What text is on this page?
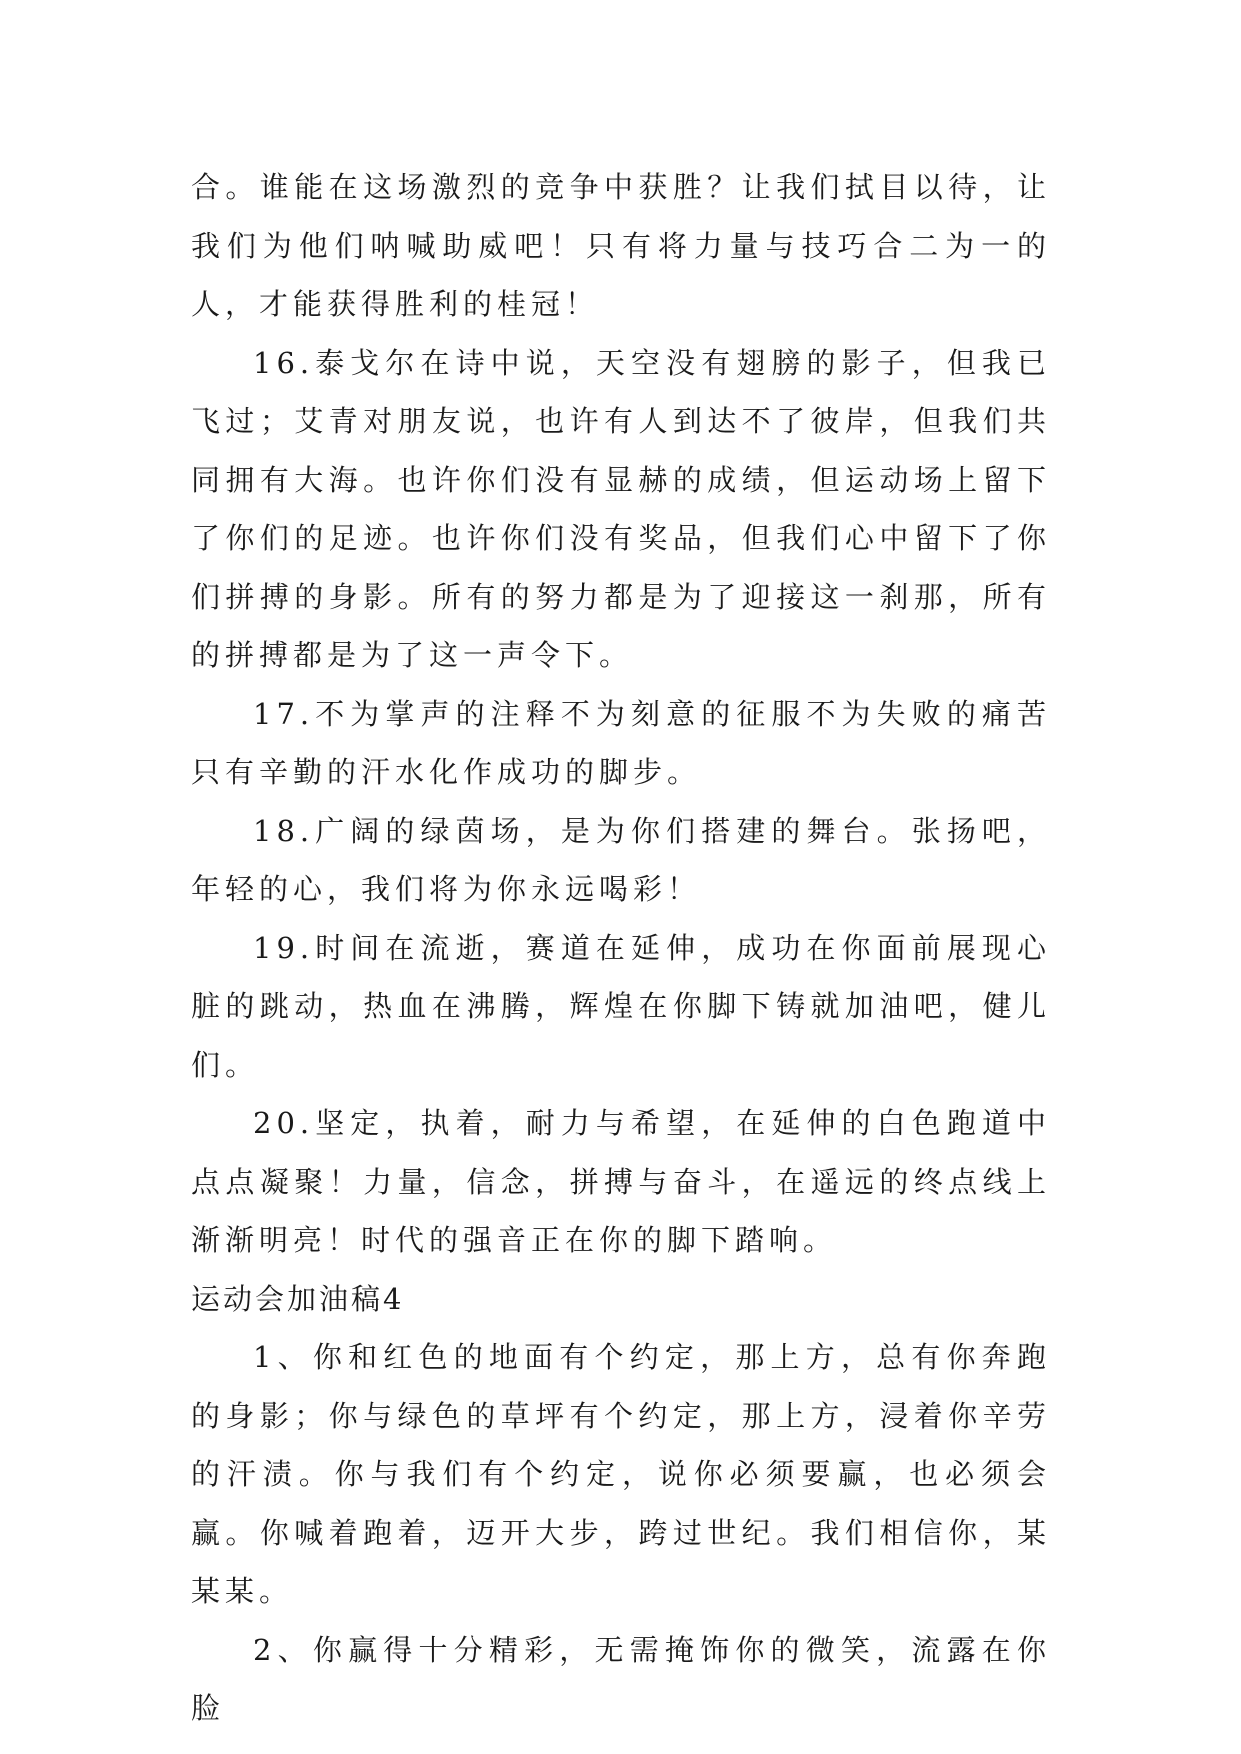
合。谁能在这场激烈的竞争中获胜？让我们拭目以待，让我们为他们呐喊助威吧！只有将力量与技巧合二为一的人，才能获得胜利的桂冠！

16.泰戈尔在诗中说，天空没有翅膀的影子，但我已飞过；艾青对朋友说，也许有人到达不了彼岸，但我们共同拥有大海。也许你们没有显赫的成绩，但运动场上留下了你们的足迹。也许你们没有奖品，但我们心中留下了你们拼搏的身影。所有的努力都是为了迎接这一刹那，所有的拼搏都是为了这一声令下。

17.不为掌声的注释不为刻意的征服不为失败的痛苦只有辛勤的汗水化作成功的脚步。

18.广阔的绿茵场，是为你们搭建的舞台。张扬吧，年轻的心，我们将为你永远喝彩！

19.时间在流逝，赛道在延伸，成功在你面前展现心脏的跳动，热血在沸腾，辉煌在你脚下铸就加油吧，健儿们。

20.坚定，执着，耐力与希望，在延伸的白色跑道中点点凝聚！力量，信念，拼搏与奋斗，在遥远的终点线上渐渐明亮！时代的强音正在你的脚下踏响。

运动会加油稿4

1、你和红色的地面有个约定，那上方，总有你奔跑的身影；你与绿色的草坪有个约定，那上方，浸着你辛劳的汗渍。你与我们有个约定，说你必须要赢，也必须会赢。你喊着跑着，迈开大步，跨过世纪。我们相信你，某某某。

2、你赢得十分精彩，无需掩饰你的微笑，流露在你脸
